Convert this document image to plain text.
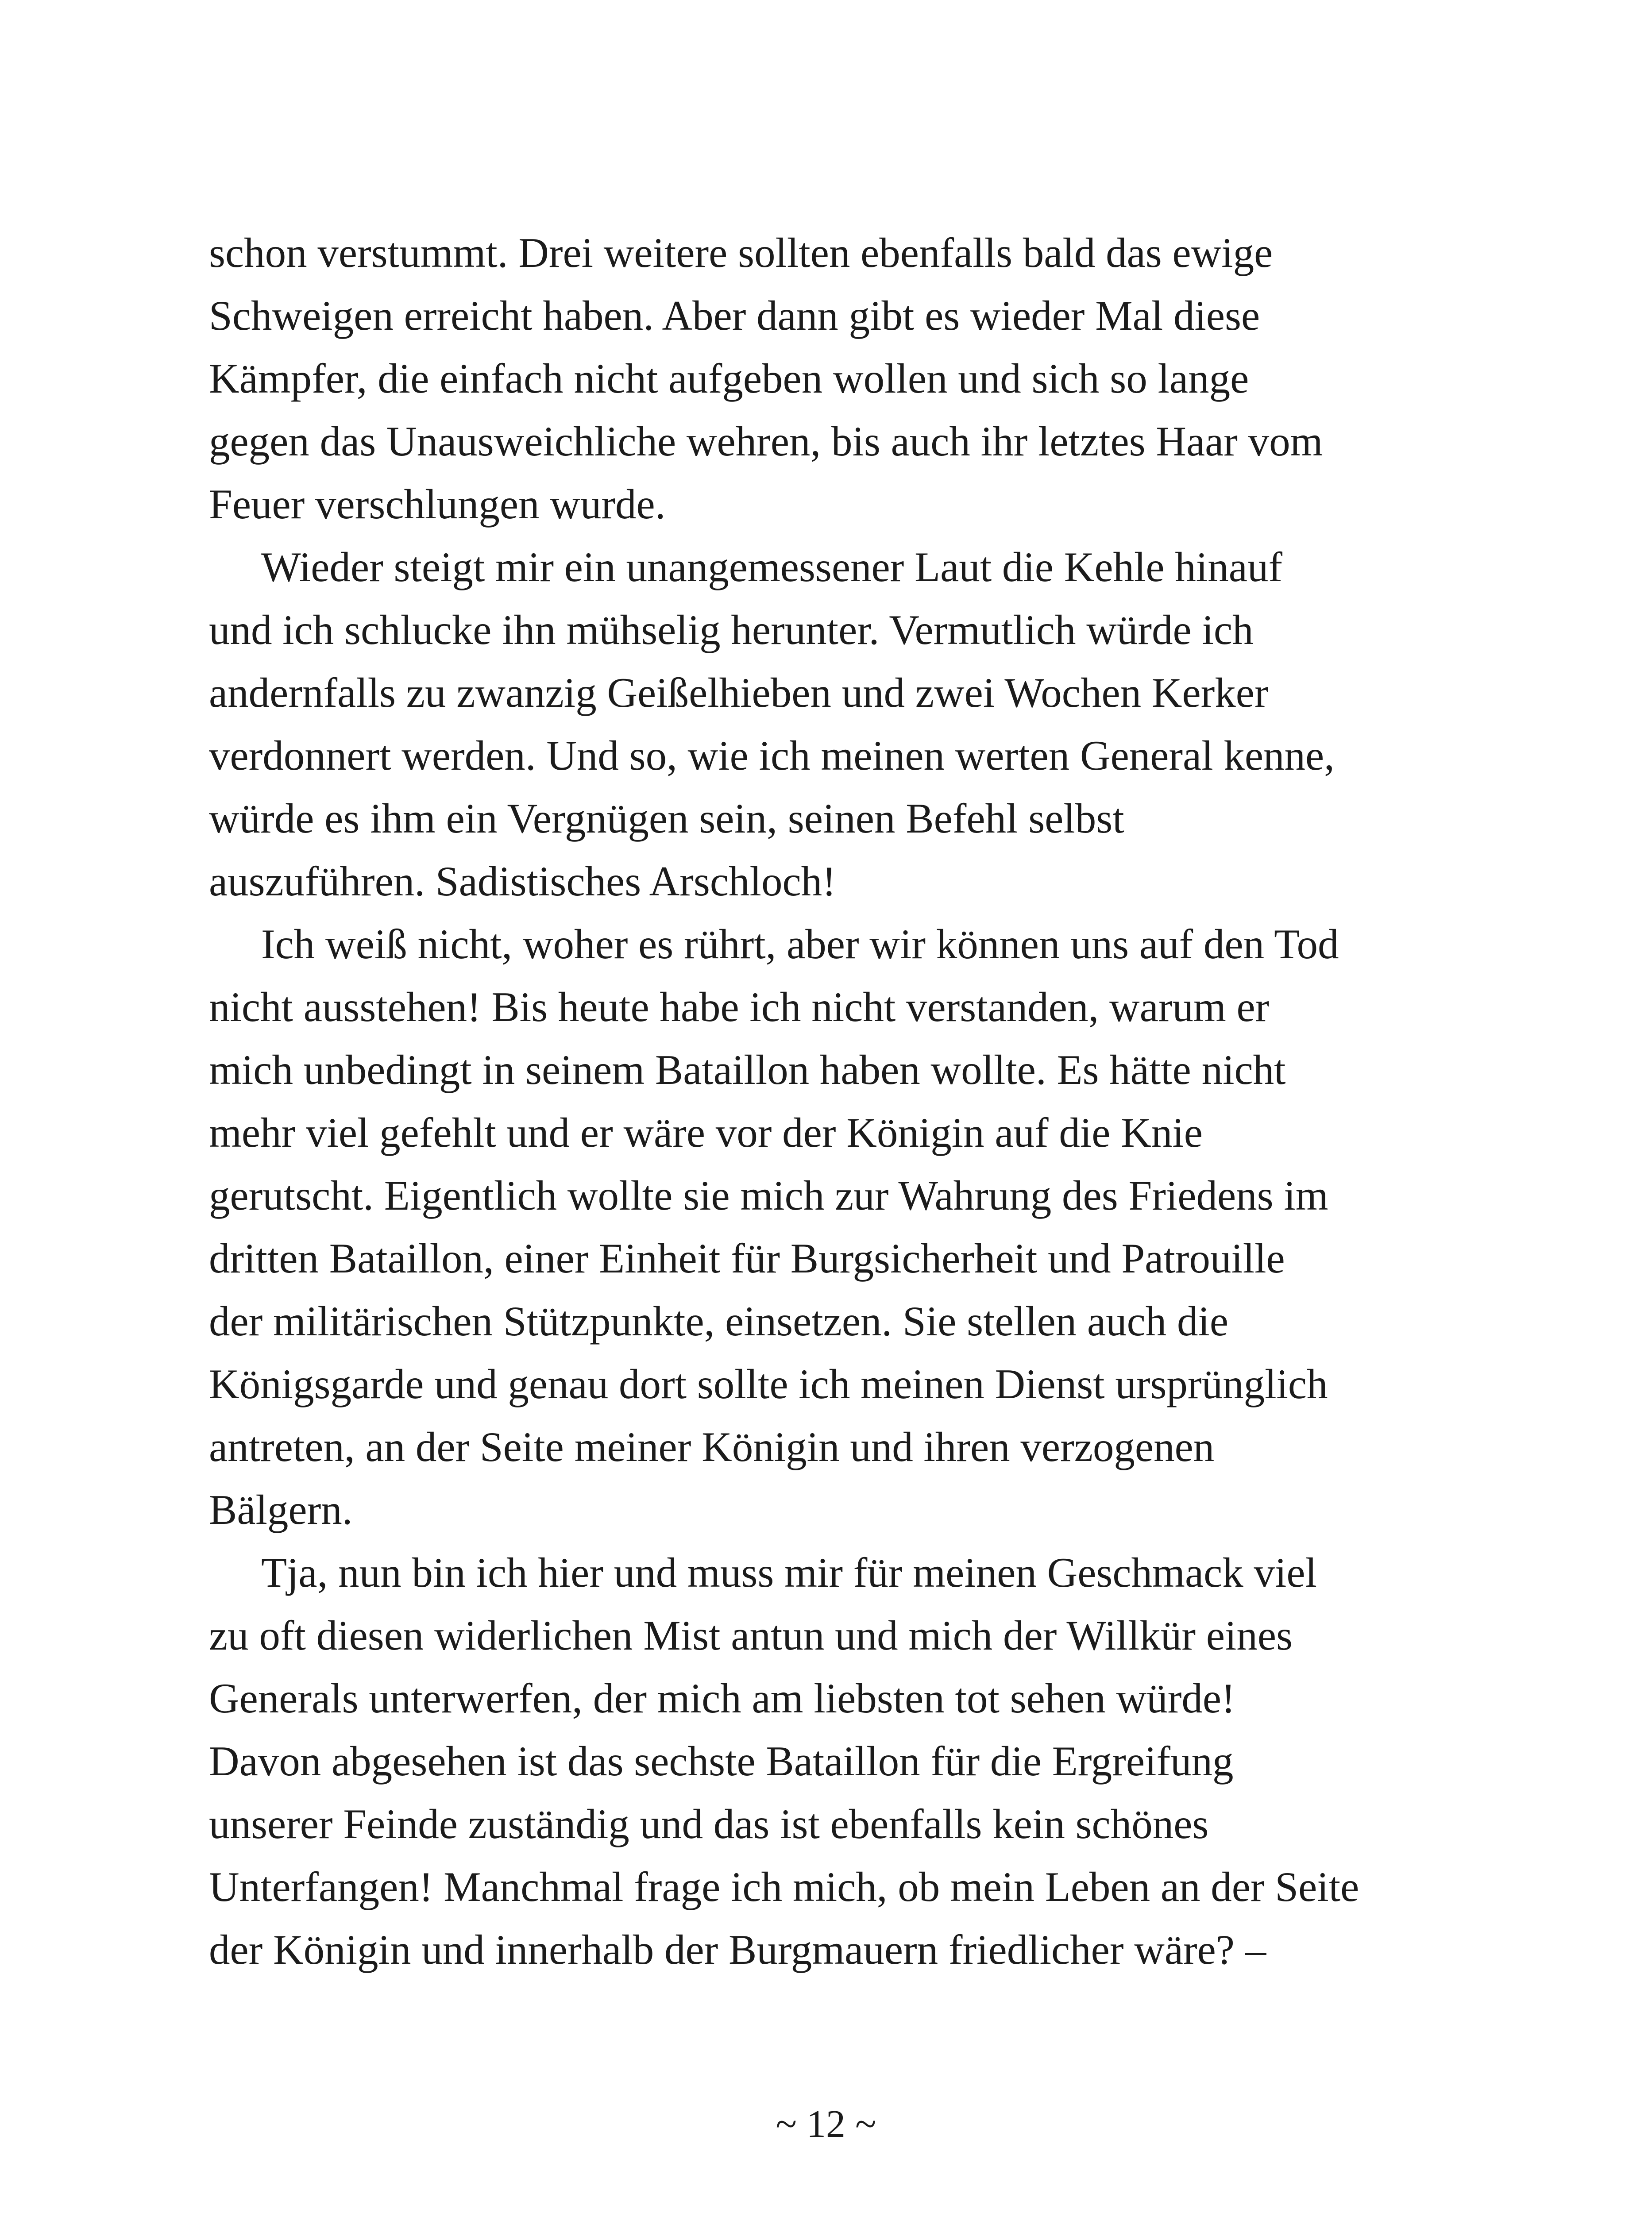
schon verstummt. Drei weitere sollten ebenfalls bald das ewige
Schweigen erreicht haben. Aber dann gibt es wieder Mal diese
Kämpfer, die einfach nicht aufgeben wollen und sich so lange
gegen das Unausweichliche wehren, bis auch ihr letztes Haar vom
Feuer verschlungen wurde.
Wieder steigt mir ein unangemessener Laut die Kehle hinauf
und ich schlucke ihn mühselig herunter. Vermutlich würde ich
andernfalls zu zwanzig Geißelhieben und zwei Wochen Kerker
verdonnert werden. Und so, wie ich meinen werten General kenne,
würde es ihm ein Vergnügen sein, seinen Befehl selbst
auszuführen. Sadistisches Arschloch!
Ich weiß nicht, woher es rührt, aber wir können uns auf den Tod
nicht ausstehen! Bis heute habe ich nicht verstanden, warum er
mich unbedingt in seinem Bataillon haben wollte. Es hätte nicht
mehr viel gefehlt und er wäre vor der Königin auf die Knie
gerutscht. Eigentlich wollte sie mich zur Wahrung des Friedens im
dritten Bataillon, einer Einheit für Burgsicherheit und Patrouille
der militärischen Stützpunkte, einsetzen. Sie stellen auch die
Königsgarde und genau dort sollte ich meinen Dienst ursprünglich
antreten, an der Seite meiner Königin und ihren verzogenen
Bälgern.
Tja, nun bin ich hier und muss mir für meinen Geschmack viel
zu oft diesen widerlichen Mist antun und mich der Willkür eines
Generals unterwerfen, der mich am liebsten tot sehen würde!
Davon abgesehen ist das sechste Bataillon für die Ergreifung
unserer Feinde zuständig und das ist ebenfalls kein schönes
Unterfangen! Manchmal frage ich mich, ob mein Leben an der Seite
der Königin und innerhalb der Burgmauern friedlicher wäre? –
~ 12 ~
